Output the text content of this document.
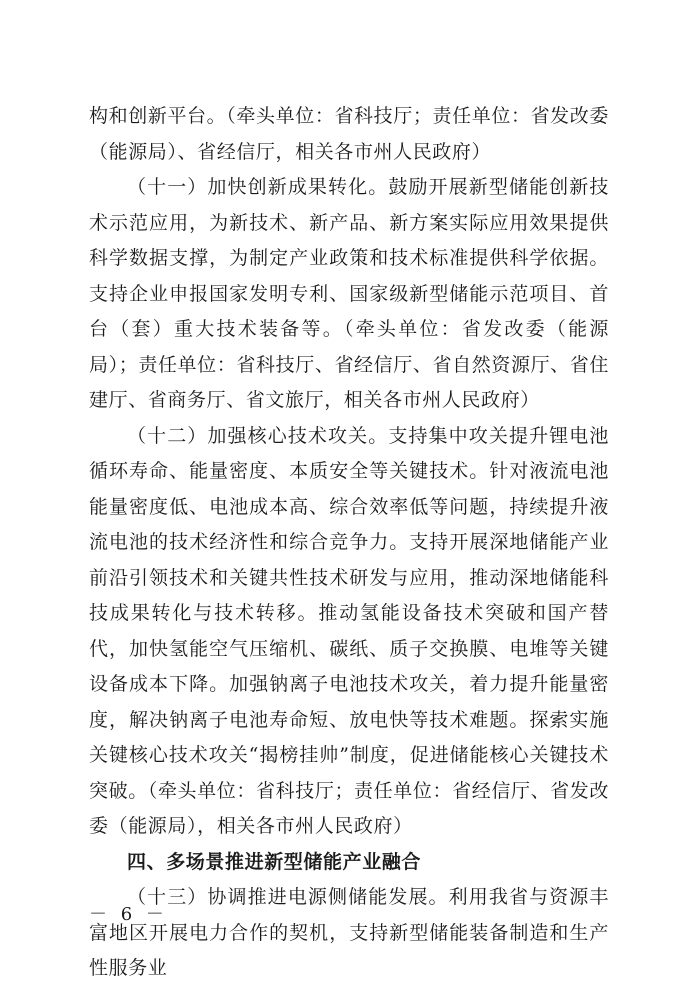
构和创新平台。（牵头单位：省科技厅；责任单位：省发改委（能源局）、省经信厅，相关各市州人民政府）

（十一）加快创新成果转化。鼓励开展新型储能创新技术示范应用，为新技术、新产品、新方案实际应用效果提供科学数据支撑，为制定产业政策和技术标准提供科学依据。支持企业申报国家发明专利、国家级新型储能示范项目、首台（套）重大技术装备等。（牵头单位：省发改委（能源局）；责任单位：省科技厅、省经信厅、省自然资源厅、省住建厅、省商务厅、省文旅厅，相关各市州人民政府）

（十二）加强核心技术攻关。支持集中攻关提升锂电池循环寿命、能量密度、本质安全等关键技术。针对液流电池能量密度低、电池成本高、综合效率低等问题，持续提升液流电池的技术经济性和综合竞争力。支持开展深地储能产业前沿引领技术和关键共性技术研发与应用，推动深地储能科技成果转化与技术转移。推动氢能设备技术突破和国产替代，加快氢能空气压缩机、碳纸、质子交换膜、电堆等关键设备成本下降。加强钠离子电池技术攻关，着力提升能量密度，解决钠离子电池寿命短、放电快等技术难题。探索实施关键核心技术攻关“揭榜挂帅”制度，促进储能核心关键技术突破。（牵头单位：省科技厅；责任单位：省经信厅、省发改委（能源局），相关各市州人民政府）

四、多场景推进新型储能产业融合

（十三）协调推进电源侧储能发展。利用我省与资源丰富地区开展电力合作的契机，支持新型储能装备制造和生产性服务业

－ 6 －
